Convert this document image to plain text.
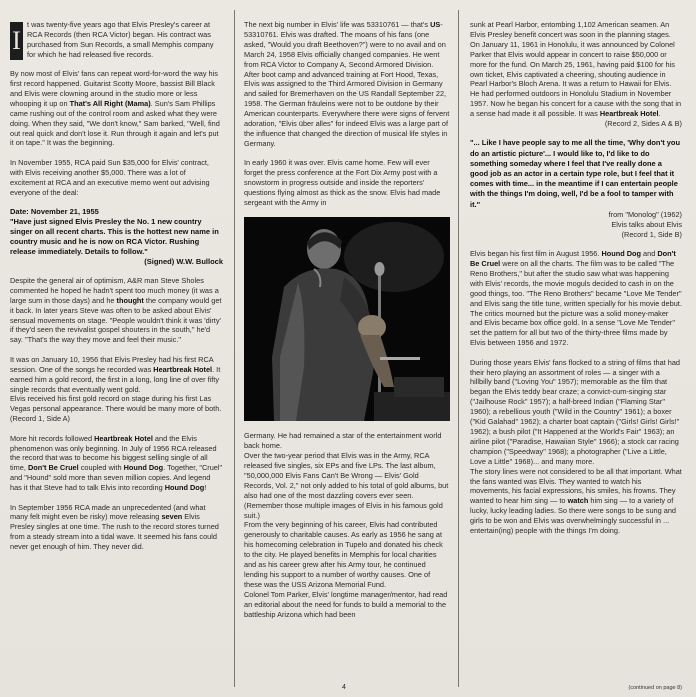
I
t was twenty-five years ago that Elvis Presley's career at RCA Records (then RCA Victor) began. His contract was purchased from Sun Records, a small Memphis company for which he had released five records.

By now most of Elvis' fans can repeat word-for-word the way his first record happened. Guitarist Scotty Moore, bassist Bill Black and Elvis were clowning around in the studio more or less whooping it up on That's All Right (Mama). Sun's Sam Phillips came rushing out of the control room and asked what they were doing. When they said, "We don't know," Sam barked, "Well, find out real quick and don't lose it. Run through it again and let's put it on tape." It was the beginning.

In November 1955, RCA paid Sun $35,000 for Elvis' contract, with Elvis receiving another $5,000. There was a lot of excitement at RCA and an executive memo went out advising everyone of the deal:

Date: November 21, 1955
"Have just signed Elvis Presley the No. 1 new country singer on all recent charts. This is the hottest new name in country music and he is now on RCA Victor. Rushing release immediately. Details to follow."

(Signed) W.W. Bullock

Despite the general air of optimism, A&R man Steve Sholes commented he hoped he hadn't spent too much money (it was a large sum in those days) and he thought the company would get it back. In later years Steve was often to be asked about Elvis' sensual movements on stage. "People wouldn't think it was 'dirty' if they'd seen the revivalist gospel shouters in the south," he'd say. "That's the way they move and feel their music."

It was on January 10, 1956 that Elvis Presley had his first RCA session. One of the songs he recorded was Heartbreak Hotel. It earned him a gold record, the first in a long, long line of over fifty single records that eventually went gold.
Elvis received his first gold record on stage during his first Las Vegas personal appearance. There would be many more of both. (Record 1, Side A)

More hit records followed Heartbreak Hotel and the Elvis phenomenon was only beginning. In July of 1956 RCA released the record that was to become his biggest selling single of all time, Don't Be Cruel coupled with Hound Dog. Together, "Cruel" and "Hound" sold more than seven million copies. And legend has it that Steve had to talk Elvis into recording Hound Dog!

In September 1956 RCA made an unprecedented (and what many felt might even be risky) move releasing seven Elvis Presley singles at one time. The rush to the record stores turned from a steady stream into a tidal wave. It seemed his fans could never get enough of him. They never did.

The next big number in Elvis' life was 53310761 — that's US-53310761. Elvis was drafted. The moans of his fans (one asked, "Would you draft Beethoven?") were to no avail and on March 24, 1958 Elvis officially changed companies. He went from RCA Victor to Company A, Second Armored Division. After boot camp and advanced training at Fort Hood, Texas, Elvis was assigned to the Third Armored Division in Germany and sailed for Bremerhaven on the US Randall September 22, 1958. The German fräuleins were not to be outdone by their American counterparts. Everywhere there were signs of fervent adoration, "Elvis über alles" for indeed Elvis was a large part of the influence that changed the direction of musical life styles in Germany.

In early 1960 it was over. Elvis came home. Few will ever forget the press conference at the Fort Dix Army post with a snowstorm in progress outside and inside the reporters' questions flying almost as thick as the snow. Elvis had made sergeant with the Army in

Germany. He had remained a star of the entertainment world back home.
Over the two-year period that Elvis was in the Army, RCA released five singles, six EPs and five LPs. The last album, "50,000,000 Elvis Fans Can't Be Wrong — Elvis' Gold Records, Vol. 2," not only added to his total of gold albums, but also had one of the most dazzling covers ever seen. (Remember those multiple images of Elvis in his famous gold suit.)
From the very beginning of his career, Elvis had contributed generously to charitable causes. As early as 1956 he sang at his homecoming celebration in Tupelo and donated his check to the city. He played benefits in Memphis for local charities and as his career grew after his Army tour, he continued lending his support to a number of worthy causes. One of these was the USS Arizona Memorial Fund.
Colonel Tom Parker, Elvis' longtime manager/mentor, had read an editorial about the need for funds to build a memorial to the battleship Arizona which had been

sunk at Pearl Harbor, entombing 1,102 American seamen. An Elvis Presley benefit concert was soon in the planning stages. On January 11, 1961 in Honolulu, it was announced by Colonel Parker that Elvis would appear in concert to raise $50,000 or more for the fund. On March 25, 1961, having paid $100 for his own ticket, Elvis captivated a cheering, shouting audience in Pearl Harbor's Bloch Arena. It was a return to Hawaii for Elvis. He had performed outdoors in Honolulu Stadium in November 1957. Now he began his concert for a cause with the song that in a sense had made it all possible. It was Heartbreak Hotel.

(Record 2, Sides A & B)

"... Like I have people say to me all the time, 'Why don't you do an artistic picture'... I would like to, I'd like to do something someday where I feel that I've really done a good job as an actor in a certain type role, but I feel that it comes with time... in the meantime if I can entertain people with the things I'm doing, well, I'd be a fool to tamper with it."

from "Monolog" (1962)
Elvis talks about Elvis
(Record 1, Side B)

Elvis began his first film in August 1956. Hound Dog and Don't Be Cruel were on all the charts. The film was to be called "The Reno Brothers," but after the studio saw what was happening with Elvis' records, the movie moguls decided to cash in on the good things, too. "The Reno Brothers" became "Love Me Tender" and Elvis sang the title tune, written specially for his movie debut. The critics mourned but the picture was a solid money-maker and Elvis became box office gold. In a sense "Love Me Tender" set the pattern for all but two of the thirty-three films made by Elvis between 1956 and 1972.

During those years Elvis' fans flocked to a string of films that had their hero playing an assortment of roles — a singer with a hillbilly band ("Loving You" 1957); memorable as the film that began the Elvis teddy bear craze; a convict-cum-singing star ("Jailhouse Rock" 1957); a half-breed Indian ("Flaming Star" 1960); a rebellious youth ("Wild in the Country" 1961); a boxer ("Kid Galahad" 1962); a charter boat captain ("Girls! Girls! Girls!" 1962); a bush pilot ("It Happened at the World's Fair" 1963); an airline pilot ("Paradise, Hawaiian Style" 1966); a stock car racing champion ("Speedway" 1968); a photographer ("Live a Little, Love a Little" 1968)... and many more.
The story lines were not considered to be all that important. What the fans wanted was Elvis. They wanted to watch his movements, his facial expressions, his smiles, his frowns. They wanted to hear him sing — to watch him sing — to a variety of lucky, lucky leading ladies. So there were songs to be sung and girls to be won and Elvis was overwhelmingly successful in ... entertain(ing) people with the things I'm doing.

4	(continued on page 8)
